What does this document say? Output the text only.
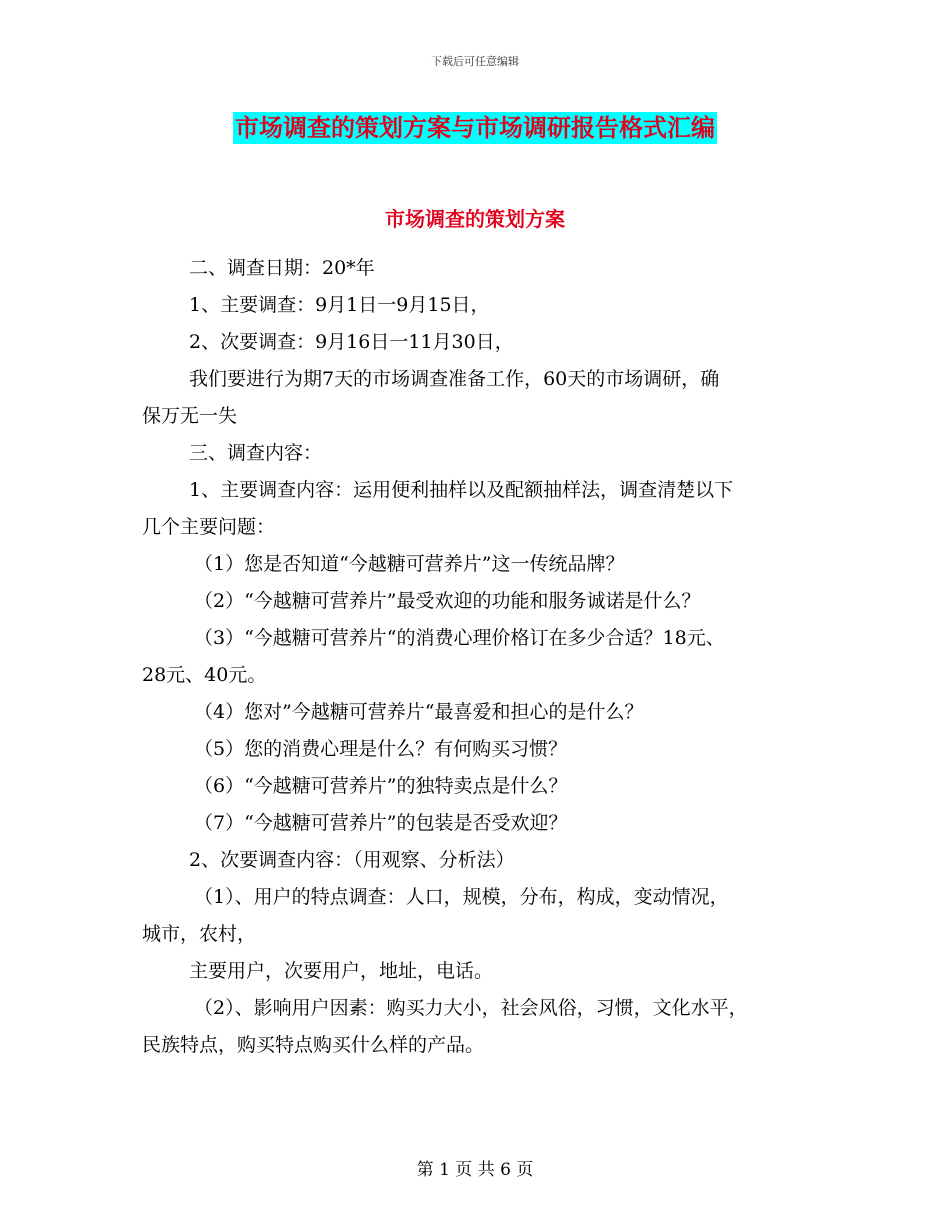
下载后可任意编辑
市场调查的策划方案与市场调研报告格式汇编
市场调查的策划方案

二、调查日期：20*年

1、主要调查：9月1日一9月15日，

2、次要调查：9月16日一11月30日，

我们要进行为期7天的市场调查准备工作，60天的市场调研，确

保万无一失

三、调查内容：

1、主要调查内容：运用便利抽样以及配额抽样法，调查清楚以下

几个主要问题：

（1）您是否知道“今越糖可营养片”这一传统品牌？

（2）“今越糖可营养片”最受欢迎的功能和服务诚诺是什么？

（3）“今越糖可营养片“的消费心理价格订在多少合适？18元、

28元、40元。

（4）您对”今越糖可营养片“最喜爱和担心的是什么？

（5）您的消费心理是什么？有何购买习惯？

（6）“今越糖可营养片”的独特卖点是什么？

（7）“今越糖可营养片”的包装是否受欢迎？

2、次要调查内容：（用观察、分析法）

（1）、用户的特点调查：人口，规模，分布，构成，变动情况，

城市，农村，

主要用户，次要用户，地址，电话。

（2）、影响用户因素：购买力大小，社会风俗，习惯，文化水平，

民族特点，购买特点购买什么样的产品。

第 1 页 共 6 页
